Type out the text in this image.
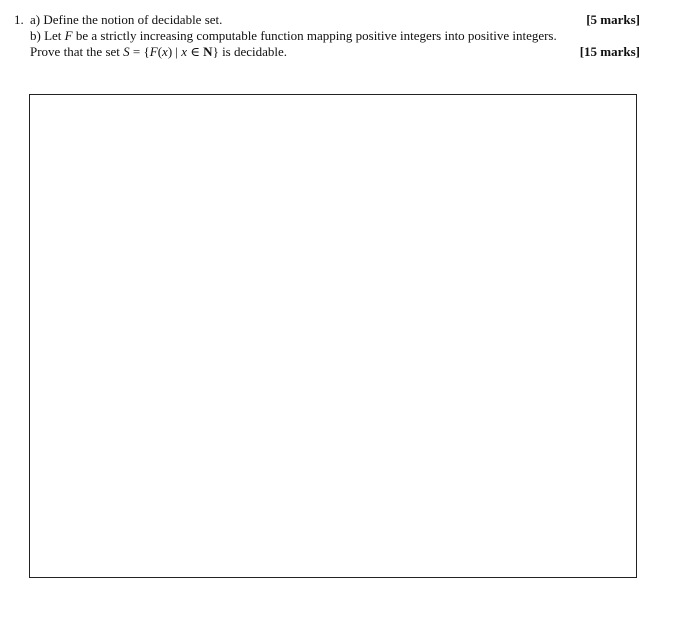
1. a) Define the notion of decidable set.	[5 marks]
b) Let F be a strictly increasing computable function mapping positive integers into positive integers.
Prove that the set S = {F(x) | x ∈ N} is decidable.	[15 marks]
